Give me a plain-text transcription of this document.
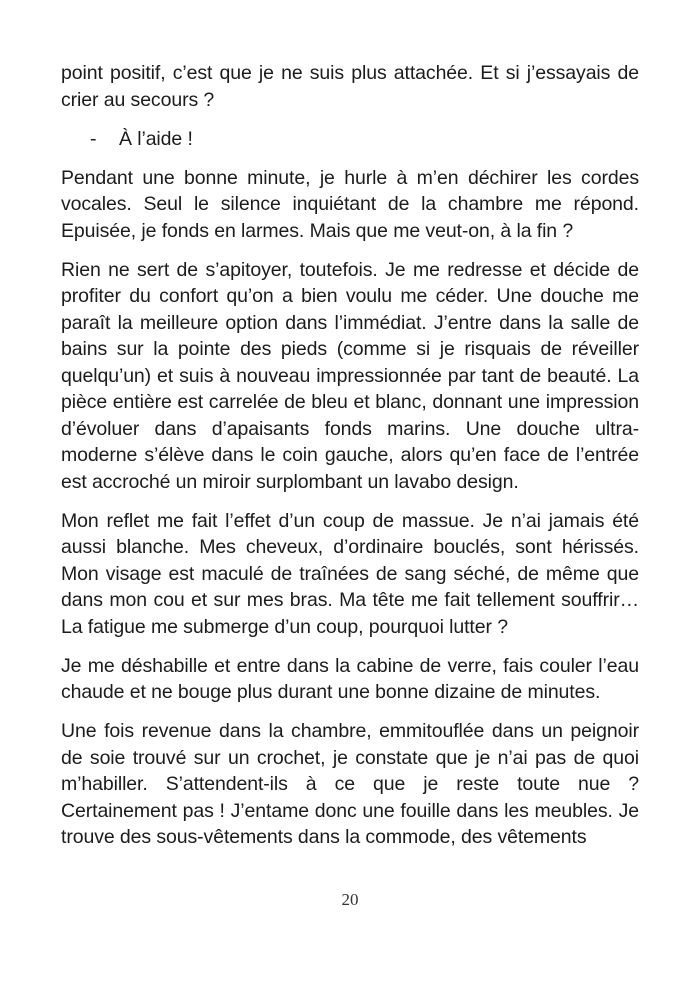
point positif, c’est que je ne suis plus attachée. Et si j’essayais de crier au secours ?

- À l’aide !

Pendant une bonne minute, je hurle à m’en déchirer les cordes vocales. Seul le silence inquiétant de la chambre me répond. Epuisée, je fonds en larmes. Mais que me veut-on, à la fin ?

Rien ne sert de s’apitoyer, toutefois. Je me redresse et décide de profiter du confort qu’on a bien voulu me céder. Une douche me paraît la meilleure option dans l’immédiat. J’entre dans la salle de bains sur la pointe des pieds (comme si je risquais de réveiller quelqu’un) et suis à nouveau impressionnée par tant de beauté. La pièce entière est carrelée de bleu et blanc, donnant une impression d’évoluer dans d’apaisants fonds marins. Une douche ultra-moderne s’élève dans le coin gauche, alors qu’en face de l’entrée est accroché un miroir surplombant un lavabo design.

Mon reflet me fait l’effet d’un coup de massue. Je n’ai jamais été aussi blanche. Mes cheveux, d’ordinaire bouclés, sont hérissés. Mon visage est maculé de traînées de sang séché, de même que dans mon cou et sur mes bras. Ma tête me fait tellement souffrir… La fatigue me submerge d’un coup, pourquoi lutter ?

Je me déshabille et entre dans la cabine de verre, fais couler l’eau chaude et ne bouge plus durant une bonne dizaine de minutes.

Une fois revenue dans la chambre, emmitouflée dans un peignoir de soie trouvé sur un crochet, je constate que je n’ai pas de quoi m’habiller. S’attendent-ils à ce que je reste toute nue ? Certainement pas ! J’entame donc une fouille dans les meubles. Je trouve des sous-vêtements dans la commode, des vêtements

20
